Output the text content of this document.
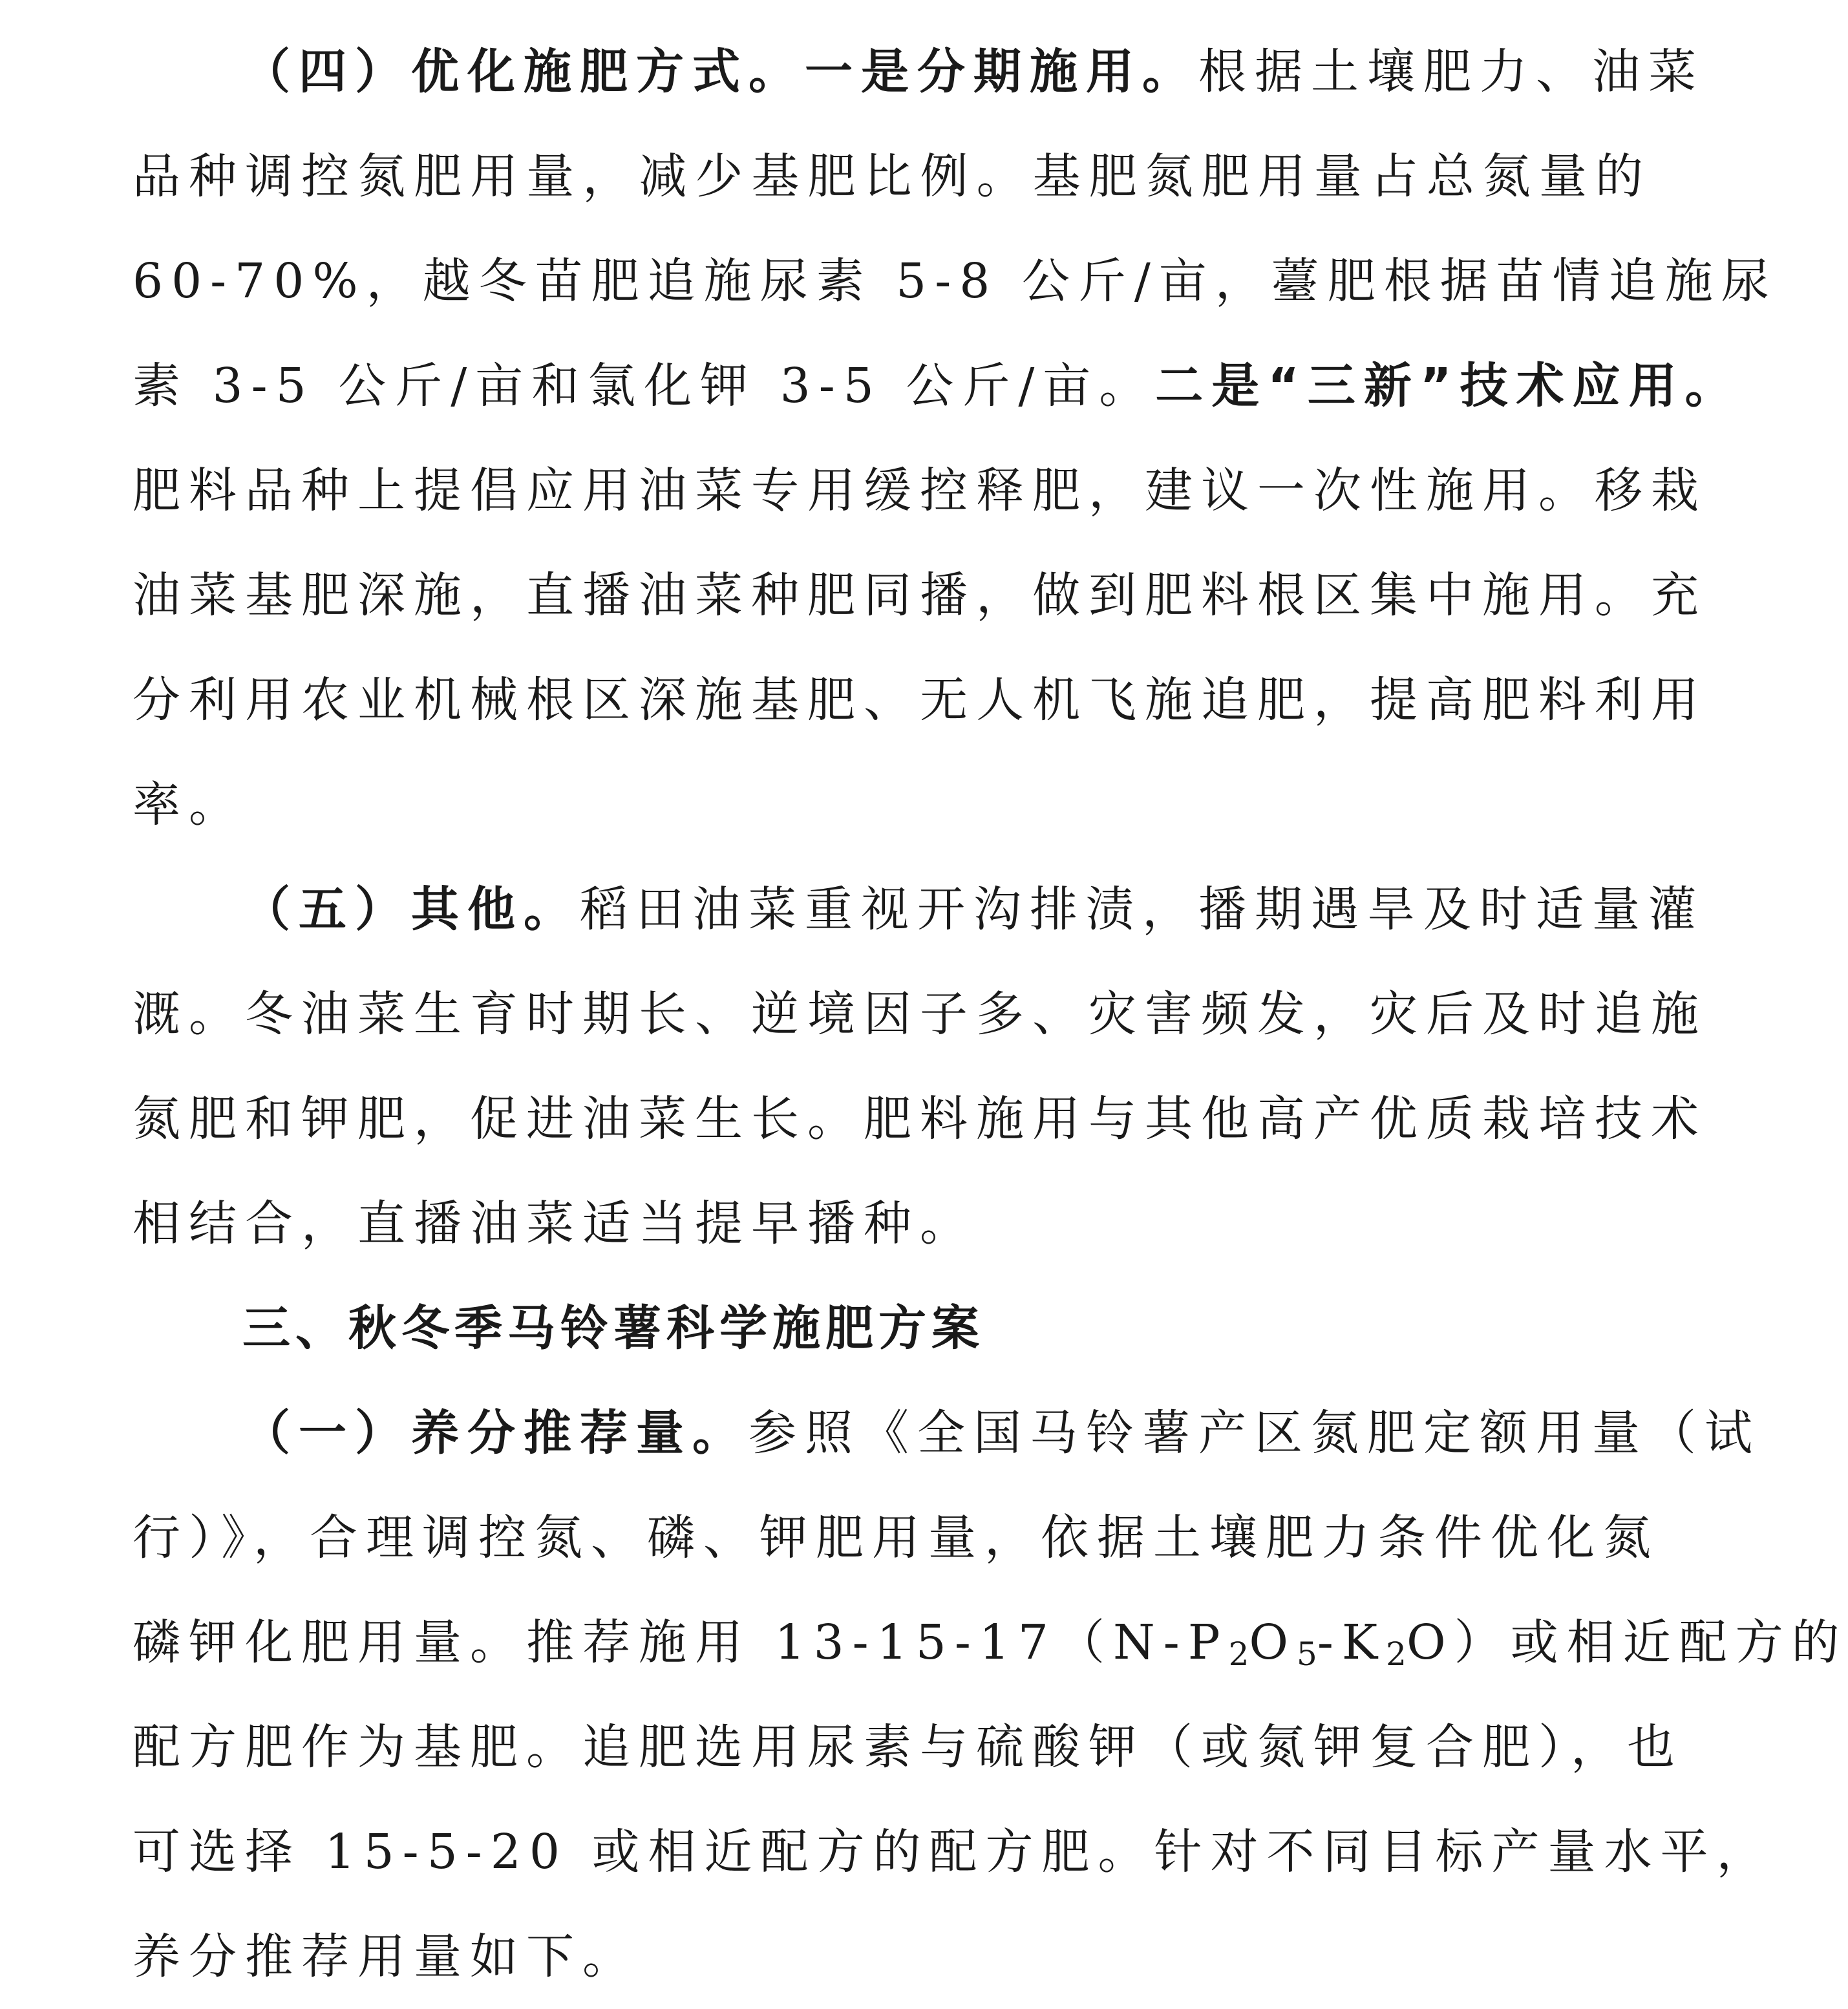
（四）优化施肥方式。一是分期施用。根据土壤肥力、油菜
品种调控氮肥用量，减少基肥比例。基肥氮肥用量占总氮量的
60-70%，越冬苗肥追施尿素 5-8 公斤/亩，薹肥根据苗情追施尿
素 3-5 公斤/亩和氯化钾 3-5 公斤/亩。二是“三新”技术应用。
肥料品种上提倡应用油菜专用缓控释肥，建议一次性施用。移栽
油菜基肥深施，直播油菜种肥同播，做到肥料根区集中施用。充
分利用农业机械根区深施基肥、无人机飞施追肥，提高肥料利用
率。
（五）其他。稻田油菜重视开沟排渍，播期遇旱及时适量灌
溉。冬油菜生育时期长、逆境因子多、灾害频发，灾后及时追施
氮肥和钾肥，促进油菜生长。肥料施用与其他高产优质栽培技术
相结合，直播油菜适当提早播种。
三、秋冬季马铃薯科学施肥方案
（一）养分推荐量。参照《全国马铃薯产区氮肥定额用量（试
行）》，合理调控氮、磷、钾肥用量，依据土壤肥力条件优化氮
磷钾化肥用量。推荐施用 $13-15-17(N-P_2O_5-K_2O)$或相近配方的
配方肥作为基肥。追肥选用尿素与硫酸钾（或氮钾复合肥），也
可选择 15-5-20 或相近配方的配方肥。针对不同目标产量水平，
养分推荐用量如下。
